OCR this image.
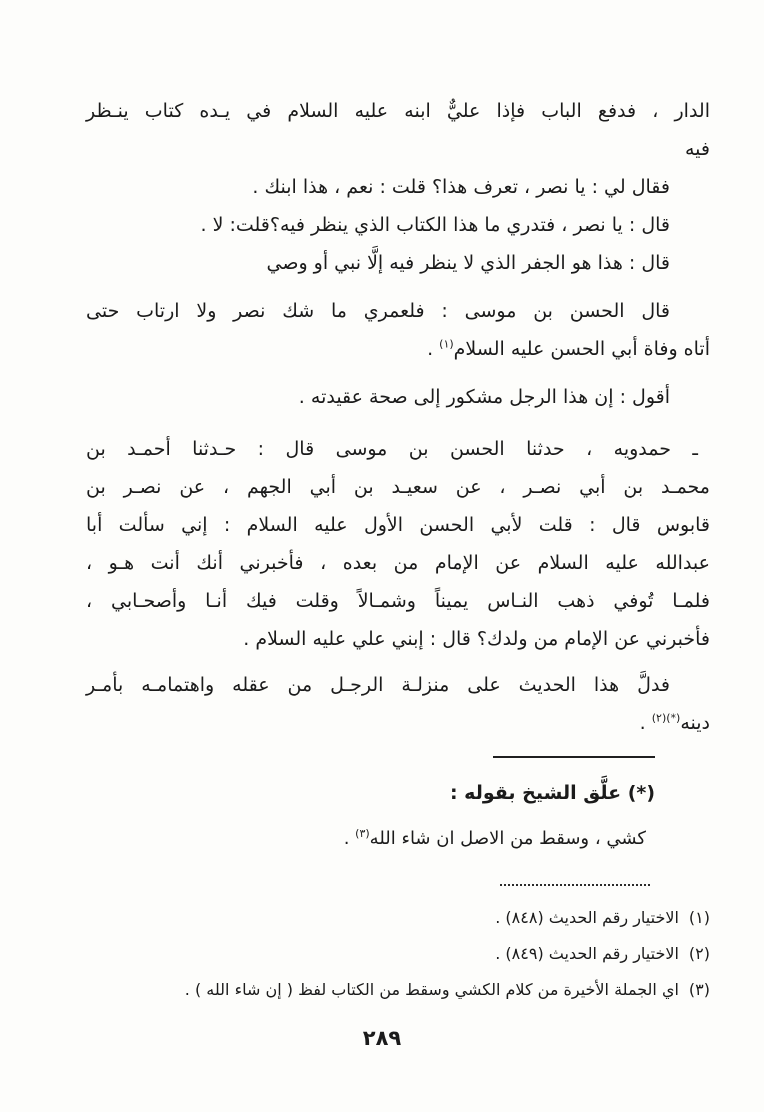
الدار ، فدفع الباب فإذا عليٌّ ابنه عليه السلام في يـده كتاب ينـظر
فيه
فقال لي : يا نصر ، تعرف هذا؟ قلت : نعم ، هذا ابنك .
قال : يا نصر ، فتدري ما هذا الكتاب الذي ينظر فيه؟قلت: لا .
قال : هذا هو الجفر الذي لا ينظر فيه إلَّا نبي أو وصي
قال الحسن بن موسى : فلعمري ما شك نصر ولا ارتاب حتى
أتاه وفاة أبي الحسن عليه السلام$^{(١)}$ .
أقول : إن هذا الرجل مشكور إلى صحة عقيدته .
ـ حمدويه ، حدثنا الحسن بن موسى قال : حـدثنا أحمـد بن
محمـد بن أبي نصـر ، عن سعيـد بن أبي الجهم ، عن نصـر بن
قابوس قال : قلت لأبي الحسن الأول عليه السلام : إني سألت أبا
عبدالله عليه السلام عن الإمام من بعده ، فأخبرني أنك أنت هـو ،
فلمـا تُوفي ذهب النـاس يميناً وشمـالاً وقلت فيك أنـا وأصحـابي ،
فأخبرني عن الإمام من ولدك؟ قال : إبني علي عليه السلام .
فدلَّ هذا الحديث على منزلـة الرجـل من عقله واهتمامـه بأمـر
دينه$^{(*)(٢)}$ .
(*) علَّق الشيخ بقوله :
كشي ، وسقط من الاصل ان شاء الله$^{(٣)}$ .
(١)
الاختيار رقم الحديث (٨٤٨) .
(٢)
الاختيار رقم الحديث (٨٤٩) .
(٣)
اي الجملة الأخيرة من كلام الكشي وسقط من الكتاب لفظ ( إن شاء الله ) .
٢٨٩
